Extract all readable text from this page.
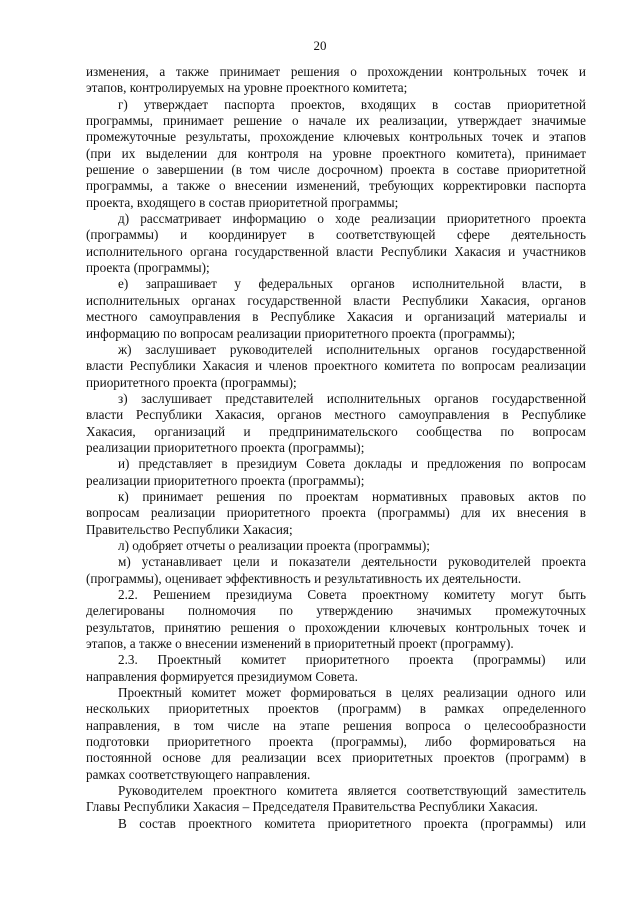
20
изменения, а также принимает решения о прохождении контрольных точек и
этапов, контролируемых на уровне проектного комитета;
г) утверждает паспорта проектов, входящих в состав приоритетной
программы, принимает решение о начале их реализации, утверждает значимые
промежуточные результаты, прохождение ключевых контрольных точек и этапов
(при их выделении для контроля на уровне проектного комитета), принимает
решение о завершении (в том числе досрочном) проекта в составе приоритетной
программы, а также о внесении изменений, требующих корректировки паспорта
проекта, входящего в состав приоритетной программы;
д) рассматривает информацию о ходе реализации приоритетного проекта
(программы) и координирует в соответствующей сфере деятельность
исполнительного органа государственной власти Республики Хакасия и участников
проекта (программы);
е) запрашивает у федеральных органов исполнительной власти, в
исполнительных органах государственной власти Республики Хакасия, органов
местного самоуправления в Республике Хакасия и организаций материалы и
информацию по вопросам реализации приоритетного проекта (программы);
ж) заслушивает руководителей исполнительных органов государственной
власти Республики Хакасия и членов проектного комитета по вопросам реализации
приоритетного проекта (программы);
з) заслушивает представителей исполнительных органов государственной
власти Республики Хакасия, органов местного самоуправления в Республике
Хакасия, организаций и предпринимательского сообщества по вопросам
реализации приоритетного проекта (программы);
и) представляет в президиум Совета доклады и предложения по вопросам
реализации приоритетного проекта (программы);
к) принимает решения по проектам нормативных правовых актов по
вопросам реализации приоритетного проекта (программы) для их внесения в
Правительство Республики Хакасия;
л) одобряет отчеты о реализации проекта (программы);
м) устанавливает цели и показатели деятельности руководителей проекта
(программы), оценивает эффективность и результативность их деятельности.
2.2. Решением президиума Совета проектному комитету могут быть
делегированы полномочия по утверждению значимых промежуточных
результатов, принятию решения о прохождении ключевых контрольных точек и
этапов, а также о внесении изменений в приоритетный проект (программу).
2.3. Проектный комитет приоритетного проекта (программы) или
направления формируется президиумом Совета.
Проектный комитет может формироваться в целях реализации одного или
нескольких приоритетных проектов (программ) в рамках определенного
направления, в том числе на этапе решения вопроса о целесообразности
подготовки приоритетного проекта (программы), либо формироваться на
постоянной основе для реализации всех приоритетных проектов (программ) в
рамках соответствующего направления.
Руководителем проектного комитета является соответствующий заместитель
Главы Республики Хакасия – Председателя Правительства Республики Хакасия.
В состав проектного комитета приоритетного проекта (программы) или
